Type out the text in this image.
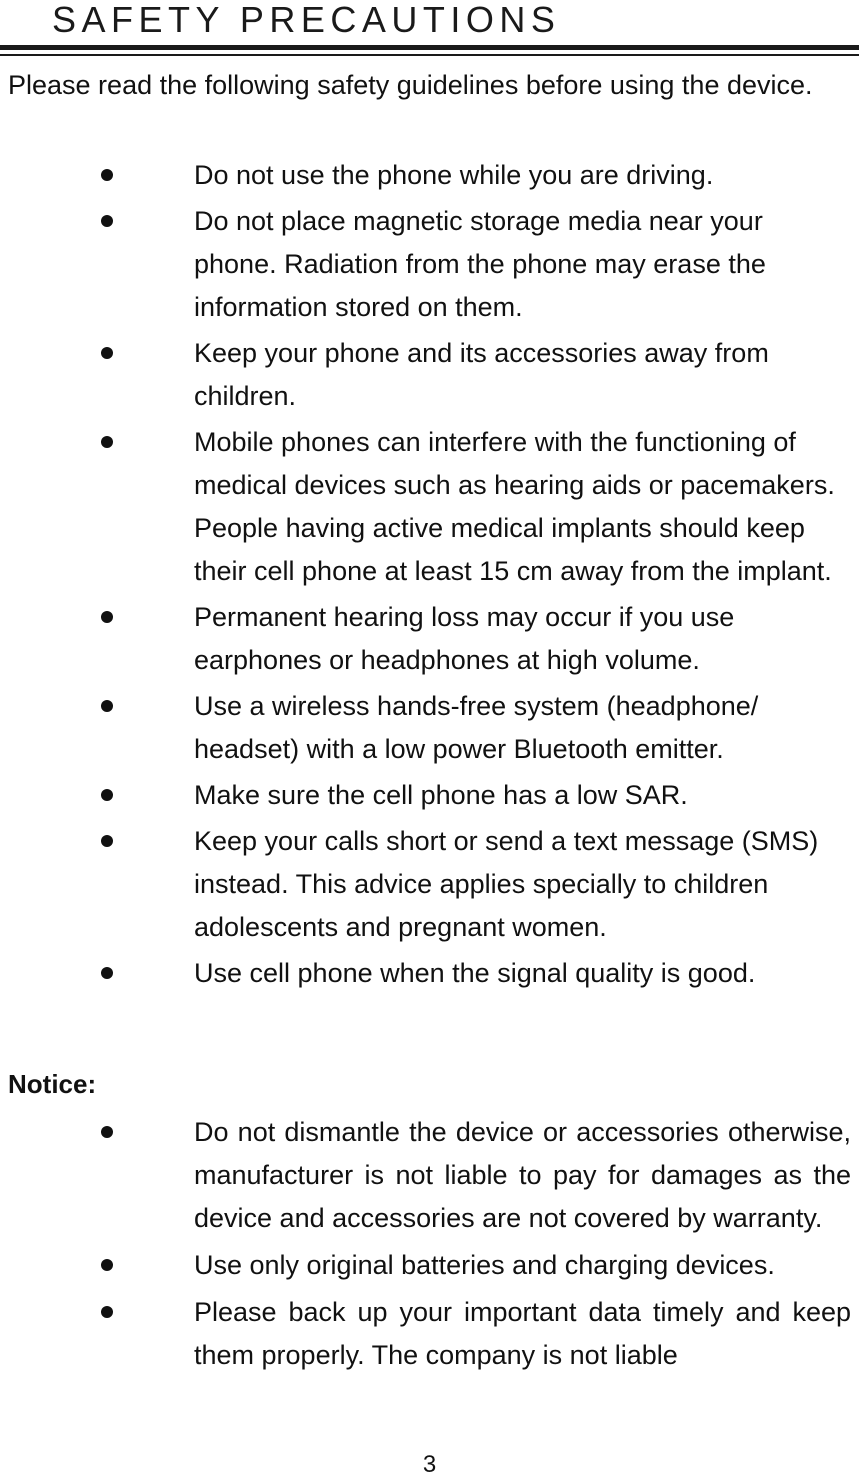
SAFETY PRECAUTIONS

Please read the following safety guidelines before using the device.

Do not use the phone while you are driving.
Do not place magnetic storage media near your phone. Radiation from the phone may erase the information stored on them.
Keep your phone and its accessories away from children.
Mobile phones can interfere with the functioning of medical devices such as hearing aids or pacemakers. People having active medical implants should keep their cell phone at least 15 cm away from the implant.
Permanent hearing loss may occur if you use earphones or headphones at high volume.
Use a wireless hands-free system (headphone/ headset) with a low power Bluetooth emitter.
Make sure the cell phone has a low SAR.
Keep your calls short or send a text message (SMS) instead. This advice applies specially to children adolescents and pregnant women.
Use cell phone when the signal quality is good.

Notice:

Do not dismantle the device or accessories otherwise, manufacturer is not liable to pay for damages as the device and accessories are not covered by warranty.
Use only original batteries and charging devices.
Please back up your important data timely and keep them properly. The company is not liable
3
